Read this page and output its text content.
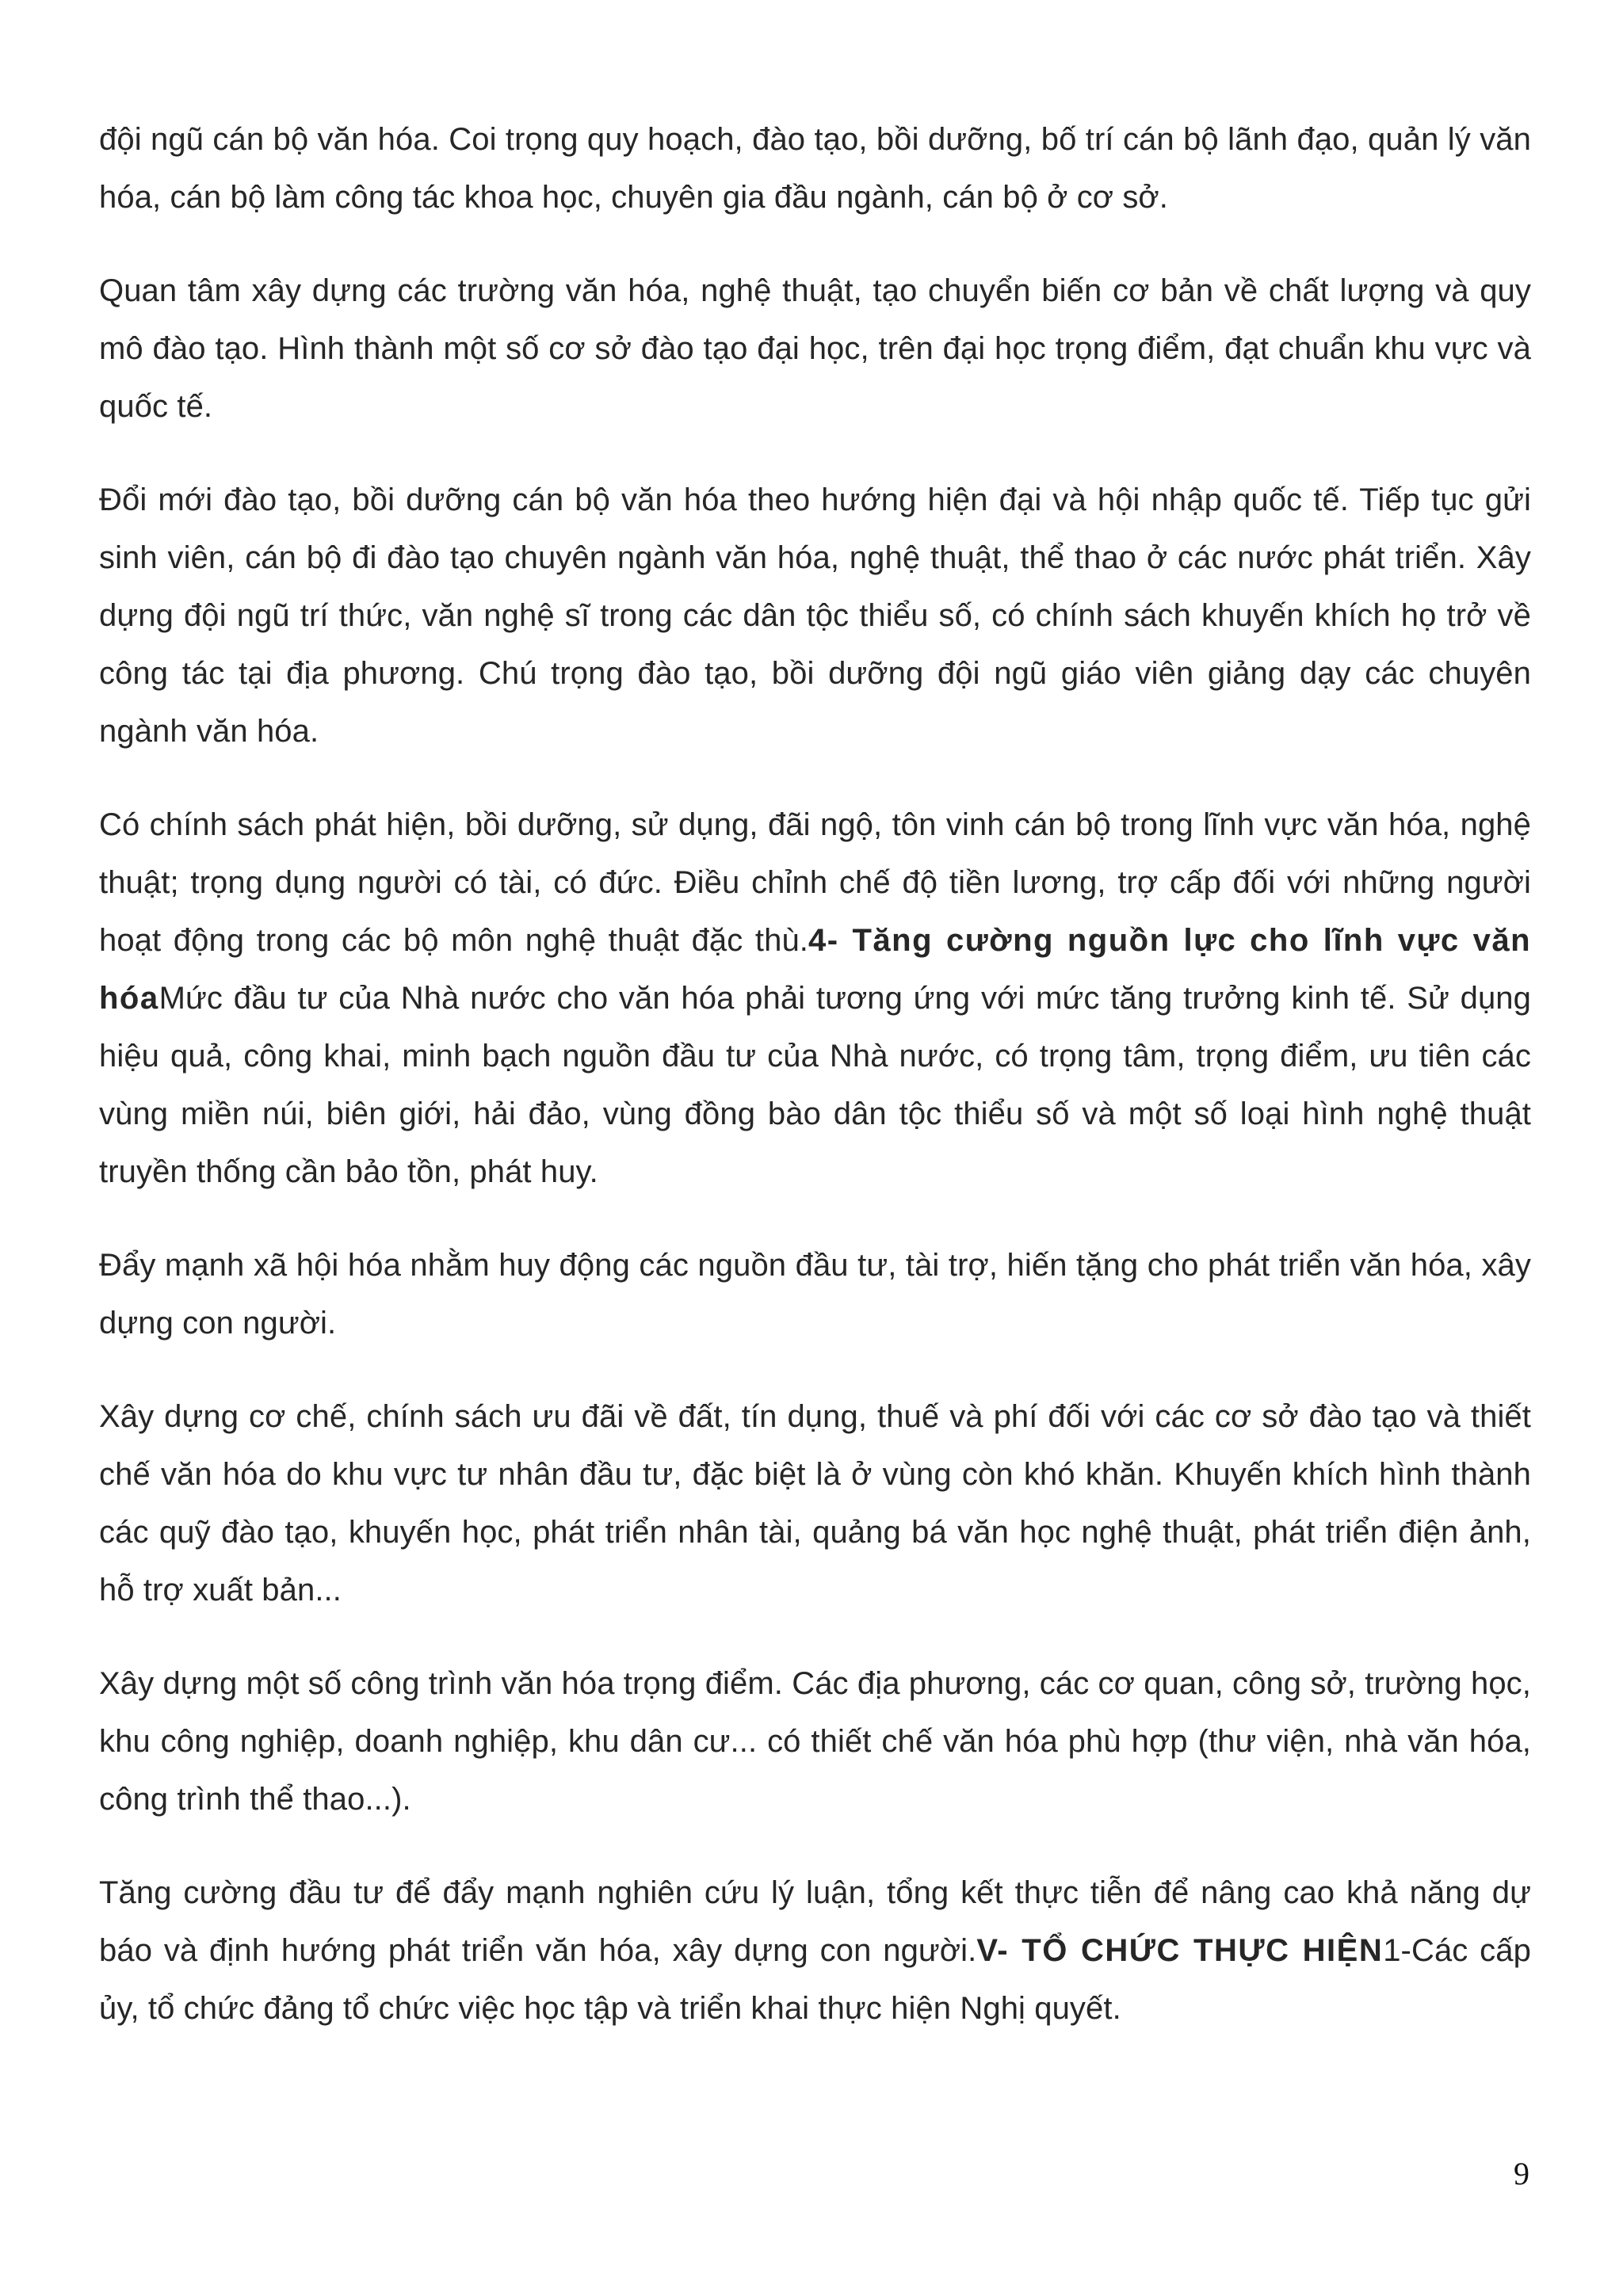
đội ngũ cán bộ văn hóa. Coi trọng quy hoạch, đào tạo, bồi dưỡng, bố trí cán bộ lãnh đạo, quản lý văn hóa, cán bộ làm công tác khoa học, chuyên gia đầu ngành, cán bộ ở cơ sở.

Quan tâm xây dựng các trường văn hóa, nghệ thuật, tạo chuyển biến cơ bản về chất lượng và quy mô đào tạo. Hình thành một số cơ sở đào tạo đại học, trên đại học trọng điểm, đạt chuẩn khu vực và quốc tế.

Đổi mới đào tạo, bồi dưỡng cán bộ văn hóa theo hướng hiện đại và hội nhập quốc tế. Tiếp tục gửi sinh viên, cán bộ đi đào tạo chuyên ngành văn hóa, nghệ thuật, thể thao ở các nước phát triển. Xây dựng đội ngũ trí thức, văn nghệ sĩ trong các dân tộc thiểu số, có chính sách khuyến khích họ trở về công tác tại địa phương. Chú trọng đào tạo, bồi dưỡng đội ngũ giáo viên giảng dạy các chuyên ngành văn hóa.

Có chính sách phát hiện, bồi dưỡng, sử dụng, đãi ngộ, tôn vinh cán bộ trong lĩnh vực văn hóa, nghệ thuật; trọng dụng người có tài, có đức. Điều chỉnh chế độ tiền lương, trợ cấp đối với những người hoạt động trong các bộ môn nghệ thuật đặc thù.4- Tăng cường nguồn lực cho lĩnh vực văn hóaMức đầu tư của Nhà nước cho văn hóa phải tương ứng với mức tăng trưởng kinh tế. Sử dụng hiệu quả, công khai, minh bạch nguồn đầu tư của Nhà nước, có trọng tâm, trọng điểm, ưu tiên các vùng miền núi, biên giới, hải đảo, vùng đồng bào dân tộc thiểu số và một số loại hình nghệ thuật truyền thống cần bảo tồn, phát huy.

Đẩy mạnh xã hội hóa nhằm huy động các nguồn đầu tư, tài trợ, hiến tặng cho phát triển văn hóa, xây dựng con người.

Xây dựng cơ chế, chính sách ưu đãi về đất, tín dụng, thuế và phí đối với các cơ sở đào tạo và thiết chế văn hóa do khu vực tư nhân đầu tư, đặc biệt là ở vùng còn khó khăn. Khuyến khích hình thành các quỹ đào tạo, khuyến học, phát triển nhân tài, quảng bá văn học nghệ thuật, phát triển điện ảnh, hỗ trợ xuất bản...

Xây dựng một số công trình văn hóa trọng điểm. Các địa phương, các cơ quan, công sở, trường học, khu công nghiệp, doanh nghiệp, khu dân cư... có thiết chế văn hóa phù hợp (thư viện, nhà văn hóa, công trình thể thao...).

Tăng cường đầu tư để đẩy mạnh nghiên cứu lý luận, tổng kết thực tiễn để nâng cao khả năng dự báo và định hướng phát triển văn hóa, xây dựng con người.V- TỔ CHỨC THỰC HIỆN1-Các cấp ủy, tổ chức đảng tổ chức việc học tập và triển khai thực hiện Nghị quyết.

9
